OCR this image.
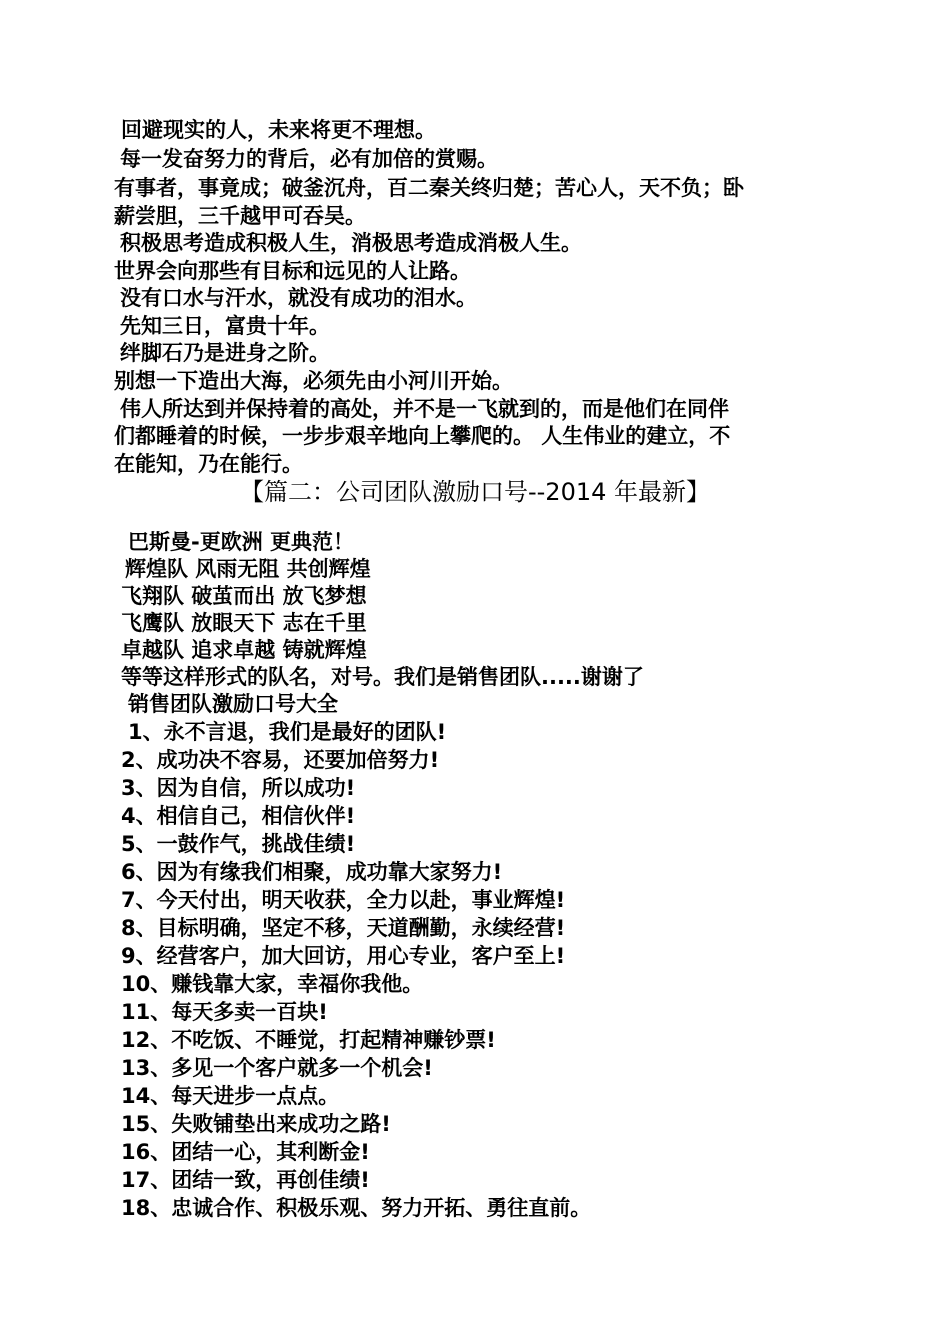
回避现实的人，未来将更不理想。
每一发奋努力的背后，必有加倍的赏赐。
有事者，事竟成；破釜沉舟，百二秦关终归楚；苦心人，天不负；卧
薪尝胆，三千越甲可吞吴。
积极思考造成积极人生，消极思考造成消极人生。
世界会向那些有目标和远见的人让路。
没有口水与汗水，就没有成功的泪水。
先知三日，富贵十年。
绊脚石乃是进身之阶。
别想一下造出大海，必须先由小河川开始。
伟人所达到并保持着的高处，并不是一飞就到的，而是他们在同伴
们都睡着的时候，一步步艰辛地向上攀爬的。 人生伟业的建立，不
在能知，乃在能行。
【篇二：公司团队激励口号--2014 年最新】
巴斯曼-更欧洲 更典范！
辉煌队 风雨无阻 共创辉煌
飞翔队 破茧而出 放飞梦想
飞鹰队 放眼天下 志在千里
卓越队 追求卓越 铸就辉煌
等等这样形式的队名，对号。我们是销售团队.....谢谢了
销售团队激励口号大全
1、永不言退，我们是最好的团队!
2、成功决不容易，还要加倍努力!
3、因为自信，所以成功!
4、相信自己，相信伙伴!
5、一鼓作气，挑战佳绩!
6、因为有缘我们相聚，成功靠大家努力!
7、今天付出，明天收获，全力以赴，事业辉煌!
8、目标明确，坚定不移，天道酬勤，永续经营!
9、经营客户，加大回访，用心专业，客户至上!
10、赚钱靠大家，幸福你我他。
11、每天多卖一百块!
12、不吃饭、不睡觉，打起精神赚钞票!
13、多见一个客户就多一个机会!
14、每天进步一点点。
15、失败铺垫出来成功之路!
16、团结一心，其利断金!
17、团结一致，再创佳绩!
18、忠诚合作、积极乐观、努力开拓、勇往直前。
